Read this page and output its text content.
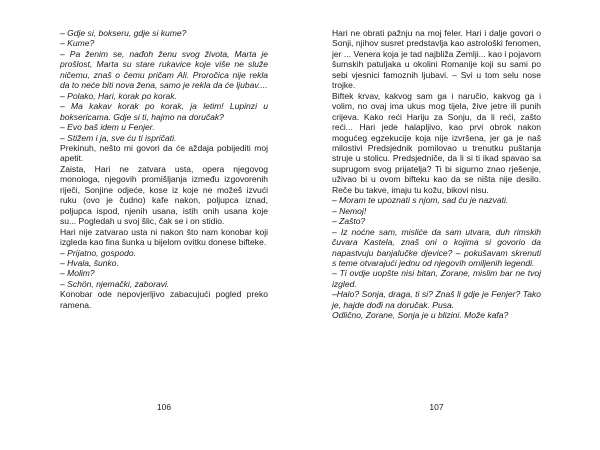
– Gdje si, bokseru, gdje si kume?

– Kume?

– Pa ženim se, nađoh ženu svog života, Marta je prošlost, Marta su stare rukavice koje više ne služe ničemu, znaš o čemu pričam Ali. Proročica nije rekla da to neće biti nova žena, samo je rekla da će ljubav....

– Polako, Hari, korak po korak.

– Ma kakav korak po korak, ja letim! Lupinzi u boksericama. Gdje si ti, hajmo na doručak?

– Evo baš idem u Fenjer.

– Stižem i ja, sve ću ti ispričati.

Prekinuh, nešto mi govori da će aždaja pobijediti moj apetit.

Zaista, Hari ne zatvara usta, opera njegovog monologa, njegovih promišljanja između izgovorenih riječi, Sonjine odjeće, kose iz koje ne možeš izvući ruku (ovo je čudno) kafe nakon, poljupca iznad, poljupca ispod, njenih usana, istih onih usana koje su... Pogledah u svoj šlic, čak se i on stidio.

Hari nije zatvarao usta ni nakon što nam konobar koji izgleda kao fina šunka u bijelom ovitku donese bifteke.

– Prijatno, gospodo.

– Hvala, šunko.

– Molim?

– Schön, njemački, zaboravi.

Konobar ode nepovjerljivo zabacujući pogled preko ramena.

106

Hari ne obrati pažnju na moj feler. Hari i dalje govori o Sonji, njihov susret predstavlja kao astrološki fenomen, jer ... Venera koja je tad najbliža Zemlji... kao i pojavom šumskih patuljaka u okolini Romanije koji su sami po sebi vjesnici famoznih ljubavi. – Svi u tom selu nose trojke.

Biftek krvav, kakvog sam ga i naručio, kakvog ga i volim, no ovaj ima ukus mog tijela, žive jetre ili punih crijeva. Kako reći Hariju za Sonju, da li reći, zašto reći... Hari jede halapljivo, kao prvi obrok nakon mogućeg egzekucije koja nije izvršena, jer ga je naš milostivi Predsjednik pomilovao u trenutku puštanja struje u stolicu. Predsjedniče, da li si ti ikad spavao sa suprugom svog prijatelja? Ti bi sigurno znao rješenje, uživao bi u ovom bifteku kao da se ništa nije desilo. Reče bu takve, imaju tu kožu, bikovi nisu.

– Moram te upoznati s njom, sad ću je nazvati.

– Nemoj!

– Zašto?

– Iz noćne sam, misliće da sam utvara, duh rimskih čuvara Kastela, znaš oni o kojima si govorio da napastvuju banjalučke djevice? – pokušavam skrenuti s teme otvarajući jednu od njegovih omiljenih legendi.

– Ti ovdje uopšte nisi bitan, Zorane, mislim bar ne tvoj izgled.

–Halo? Sonja, draga, ti si? Znaš li gdje je Fenjer? Tako je, hajde dođi na doručak. Pusa.

Odlično, Zorane, Sonja je u blizini. Može kafa?

107
